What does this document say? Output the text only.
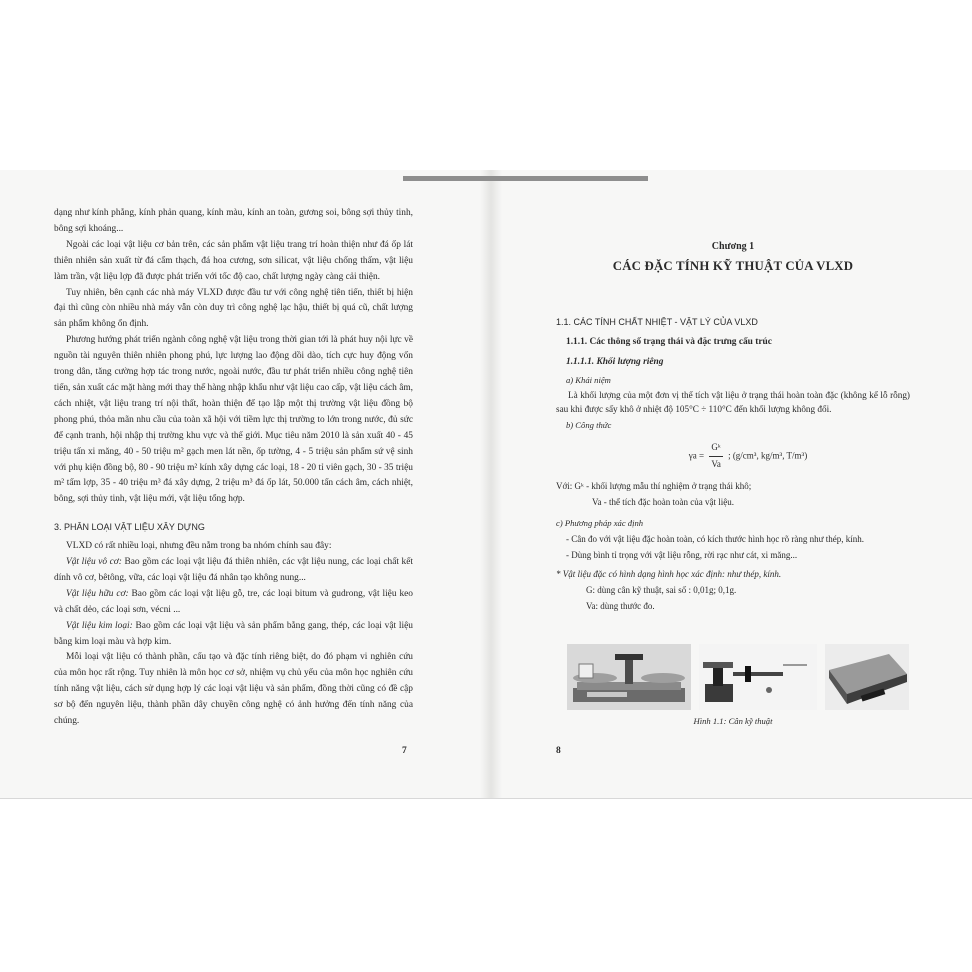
dạng như kính phẳng, kính phản quang, kính màu, kính an toàn, gương soi, bông sợi thủy tinh, bông sợi khoáng...

Ngoài các loại vật liệu cơ bản trên, các sản phẩm vật liệu trang trí hoàn thiện như đá ốp lát thiên nhiên sản xuất từ đá cẩm thạch, đá hoa cương, sơn silicat, vật liệu chống thấm, vật liệu làm trần, vật liệu lợp đã được phát triển với tốc độ cao, chất lượng ngày càng cải thiện.

Tuy nhiên, bên cạnh các nhà máy VLXD được đầu tư với công nghệ tiên tiến, thiết bị hiện đại thì cũng còn nhiều nhà máy vẫn còn duy trì công nghệ lạc hậu, thiết bị quá cũ, chất lượng sản phẩm không ổn định.

Phương hướng phát triển ngành công nghệ vật liệu trong thời gian tới là phát huy nội lực về nguồn tài nguyên thiên nhiên phong phú, lực lượng lao động dồi dào, tích cực huy động vốn trong dân, tăng cường hợp tác trong nước, ngoài nước, đầu tư phát triển nhiều công nghệ tiên tiến, sản xuất các mặt hàng mới thay thế hàng nhập khẩu như vật liệu cao cấp, vật liệu cách âm, cách nhiệt, vật liệu trang trí nội thất, hoàn thiện để tạo lập một thị trường vật liệu đồng bộ phong phú, thỏa mãn nhu cầu của toàn xã hội với tiềm lực thị trường to lớn trong nước, đủ sức để cạnh tranh, hội nhập thị trường khu vực và thế giới. Mục tiêu năm 2010 là sản xuất 40 - 45 triệu tấn xi măng, 40 - 50 triệu m² gạch men lát nền, ốp tường, 4 - 5 triệu sản phẩm sứ vệ sinh với phụ kiện đồng bộ, 80 - 90 triệu m² kính xây dựng các loại, 18 - 20 tỉ viên gạch, 30 - 35 triệu m² tấm lợp, 35 - 40 triệu m³ đá xây dựng, 2 triệu m³ đá ốp lát, 50.000 tấn cách âm, cách nhiệt, bông, sợi thủy tinh, vật liệu mới, vật liệu tổng hợp.

3. PHÂN LOẠI VẬT LIỆU XÂY DỰNG

VLXD có rất nhiều loại, nhưng đều nằm trong ba nhóm chính sau đây:

Vật liệu vô cơ: Bao gồm các loại vật liệu đá thiên nhiên, các vật liệu nung, các loại chất kết dính vô cơ, bêtông, vữa, các loại vật liệu đá nhân tạo không nung...

Vật liệu hữu cơ: Bao gồm các loại vật liệu gỗ, tre, các loại bitum và gudrong, vật liệu keo và chất dẻo, các loại sơn, vécni ...

Vật liệu kim loại: Bao gồm các loại vật liệu và sản phẩm bằng gang, thép, các loại vật liệu bằng kim loại màu và hợp kim.

Mỗi loại vật liệu có thành phần, cấu tạo và đặc tính riêng biệt, do đó phạm vi nghiên cứu của môn học rất rộng. Tuy nhiên là môn học cơ sở, nhiệm vụ chủ yếu của môn học nghiên cứu tính năng vật liệu, cách sử dụng hợp lý các loại vật liệu và sản phẩm, đồng thời cũng có đề cập sơ bộ đến nguyên liệu, thành phần dây chuyền công nghệ có ảnh hưởng đến tính năng của chúng.

7
Chương 1
CÁC ĐẶC TÍNH KỸ THUẬT CỦA VLXD
1.1. CÁC TÍNH CHẤT NHIỆT - VẬT LÝ CỦA VLXD
1.1.1. Các thông số trạng thái và đặc trưng cấu trúc
1.1.1.1. Khối lượng riêng
a) Khái niệm

Là khối lượng của một đơn vị thể tích vật liệu ở trạng thái hoàn toàn đặc (không kể lỗ rỗng) sau khi được sấy khô ở nhiệt độ 105°C ÷ 110°C đến khối lượng không đổi.

b) Công thức
$\gamma a = \frac{\text{Gᵏ}}{Va}$ ; (g/cm³, kg/m³, T/m³)
Với: Gᵏ - khối lượng mẫu thí nghiệm ở trạng thái khô;
Va - thể tích đặc hoàn toàn của vật liệu.
c) Phương pháp xác định
- Cân đo với vật liệu đặc hoàn toàn, có kích thước hình học rõ ràng như thép, kính.
- Dùng bình tỉ trọng với vật liệu rỗng, rời rạc như cát, xi măng...
* Vật liệu đặc có hình dạng hình học xác định: như thép, kính.
G: dùng cân kỹ thuật, sai số : 0,01g; 0,1g.
Va: dùng thước đo.
Hình 1.1: Cân kỹ thuật
8
